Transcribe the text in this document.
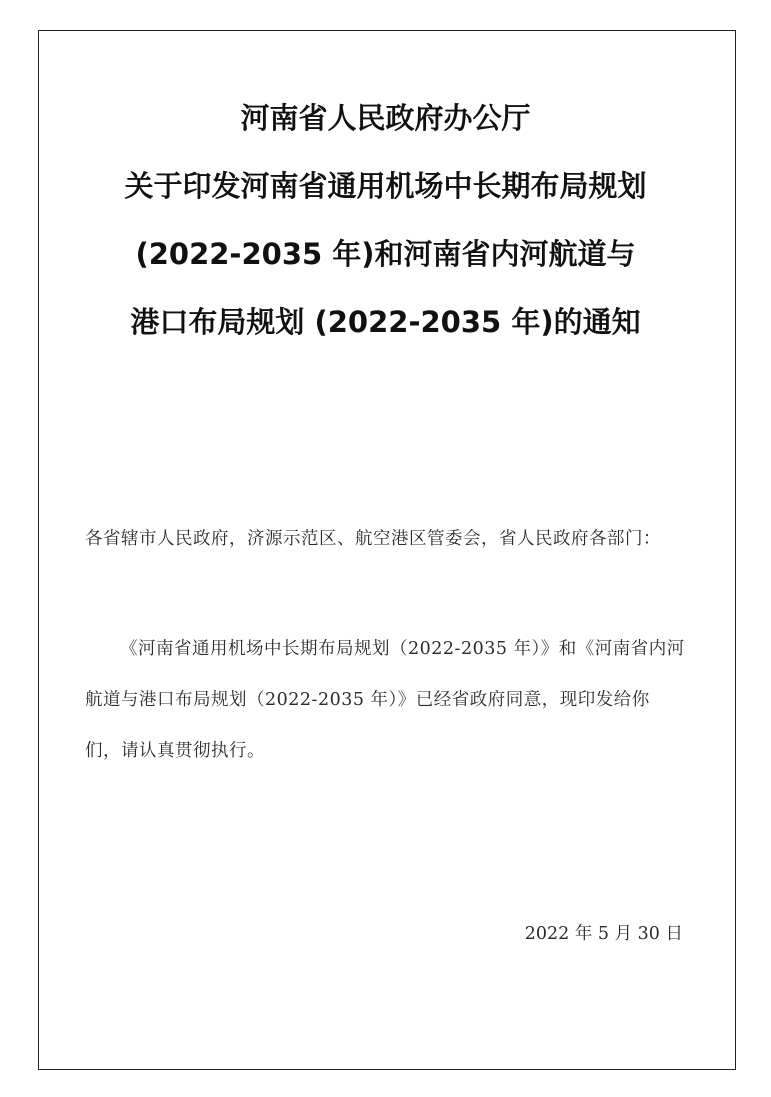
河南省人民政府办公厅
关于印发河南省通用机场中长期布局规划
(2022-2035 年)和河南省内河航道与
港口布局规划 (2022-2035 年)的通知
各省辖市人民政府，济源示范区、航空港区管委会，省人民政府各部门：
《河南省通用机场中长期布局规划（2022-2035 年）》和《河南省内河航道与港口布局规划（2022-2035 年）》已经省政府同意，现印发给你们，请认真贯彻执行。
2022 年 5 月 30 日
